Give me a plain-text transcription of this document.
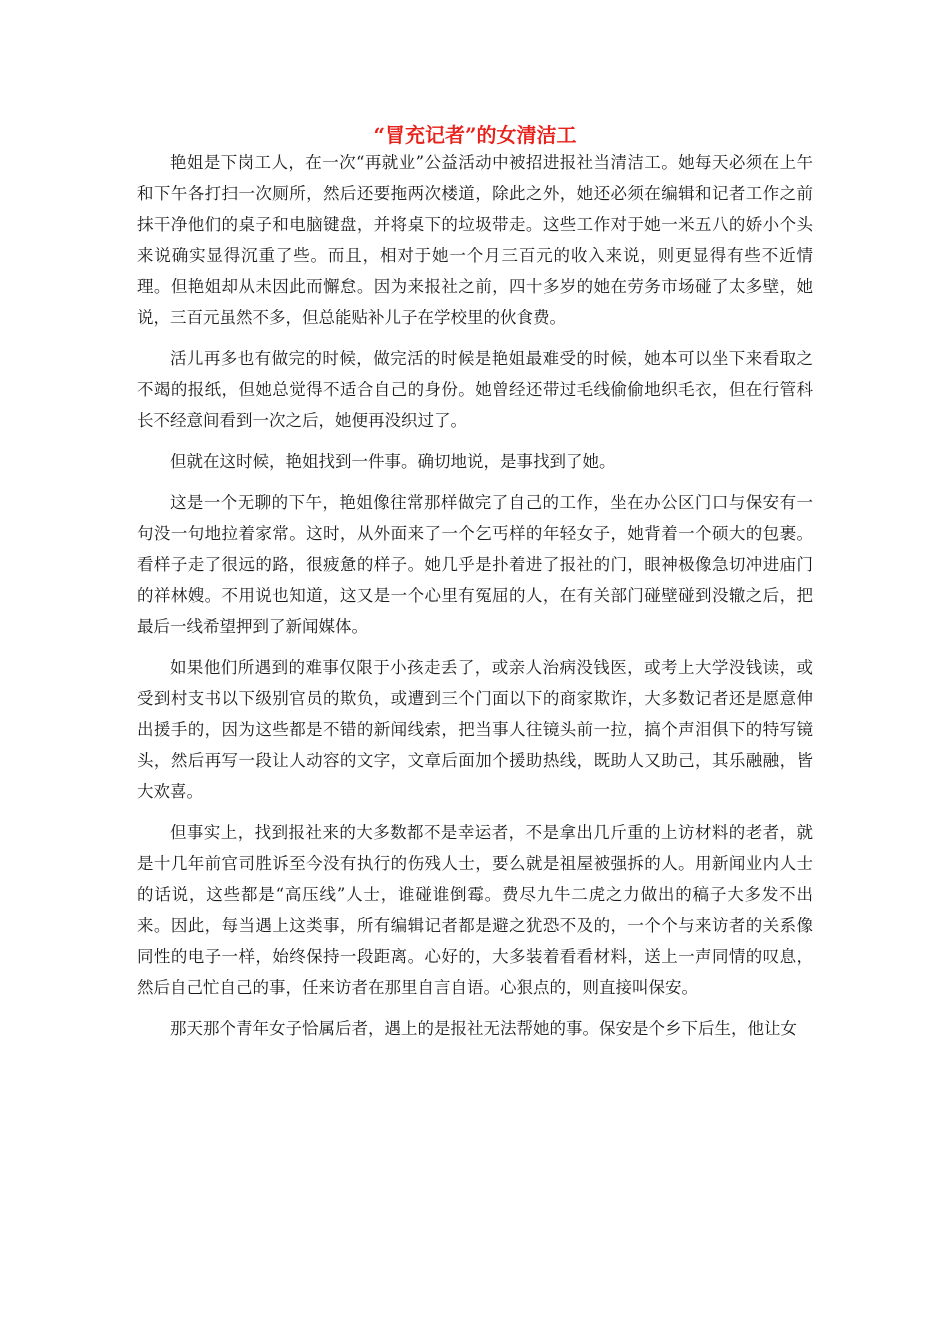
“冒充记者”的女清洁工

艳姐是下岗工人，在一次“再就业”公益活动中被招进报社当清洁工。她每天必须在上午和下午各打扫一次厕所，然后还要拖两次楼道，除此之外，她还必须在编辑和记者工作之前抹干净他们的桌子和电脑键盘，并将桌下的垃圾带走。这些工作对于她一米五八的娇小个头来说确实显得沉重了些。而且，相对于她一个月三百元的收入来说，则更显得有些不近情理。但艳姐却从未因此而懈怠。因为来报社之前，四十多岁的她在劳务市场碰了太多壁，她说，三百元虽然不多，但总能贴补儿子在学校里的伙食费。

活儿再多也有做完的时候，做完活的时候是艳姐最难受的时候，她本可以坐下来看取之不竭的报纸，但她总觉得不适合自己的身份。她曾经还带过毛线偷偷地织毛衣，但在行管科长不经意间看到一次之后，她便再没织过了。

但就在这时候，艳姐找到一件事。确切地说，是事找到了她。

这是一个无聊的下午，艳姐像往常那样做完了自己的工作，坐在办公区门口与保安有一句没一句地拉着家常。这时，从外面来了一个乞丐样的年轻女子，她背着一个硕大的包裹。看样子走了很远的路，很疲惫的样子。她几乎是扑着进了报社的门，眼神极像急切冲进庙门的祥林嫂。不用说也知道，这又是一个心里有冤屈的人，在有关部门碰壁碰到没辙之后，把最后一线希望押到了新闻媒体。

如果他们所遇到的难事仅限于小孩走丢了，或亲人治病没钱医，或考上大学没钱读，或受到村支书以下级别官员的欺负，或遭到三个门面以下的商家欺诈，大多数记者还是愿意伸出援手的，因为这些都是不错的新闻线索，把当事人往镜头前一拉，搞个声泪俱下的特写镜头，然后再写一段让人动容的文字，文章后面加个援助热线，既助人又助己，其乐融融，皆大欢喜。

但事实上，找到报社来的大多数都不是幸运者，不是拿出几斤重的上访材料的老者，就是十几年前官司胜诉至今没有执行的伤残人士，要么就是祖屋被强拆的人。用新闻业内人士的话说，这些都是“高压线”人士，谁碰谁倒霉。费尽九牛二虎之力做出的稿子大多发不出来。因此，每当遇上这类事，所有编辑记者都是避之犹恐不及的，一个个与来访者的关系像同性的电子一样，始终保持一段距离。心好的，大多装着看看材料，送上一声同情的叹息，然后自己忙自己的事，任来访者在那里自言自语。心狠点的，则直接叫保安。

那天那个青年女子恰属后者，遇上的是报社无法帮她的事。保安是个乡下后生，他让女
